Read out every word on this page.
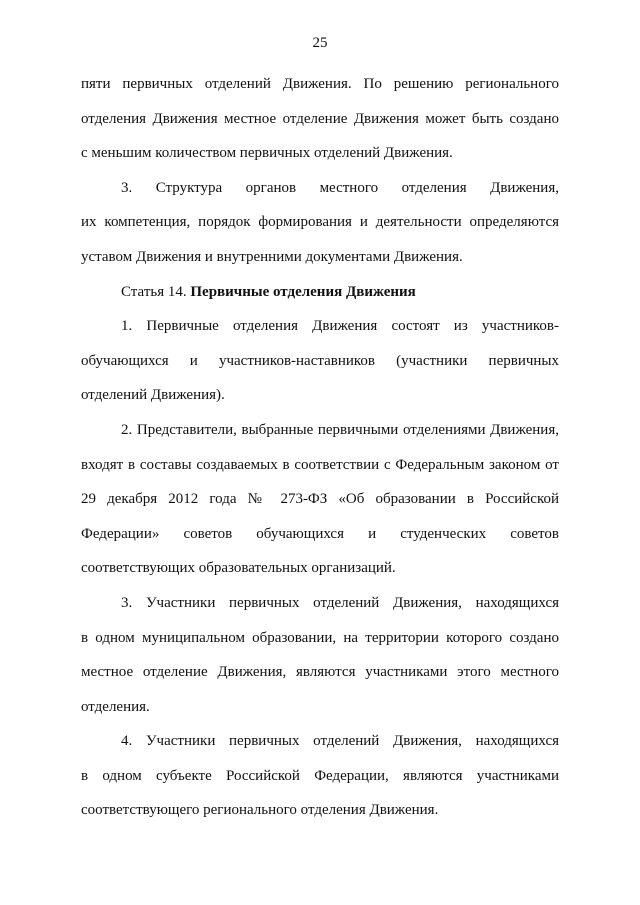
25
пяти первичных отделений Движения. По решению регионального
отделения Движения местное отделение Движения может быть создано
с меньшим количеством первичных отделений Движения.
3. Структура органов местного отделения Движения,
их компетенция, порядок формирования и деятельности определяются
уставом Движения и внутренними документами Движения.
Статья 14. Первичные отделения Движения
1. Первичные отделения Движения состоят из участников-
обучающихся и участников-наставников (участники первичных
отделений Движения).
2. Представители, выбранные первичными отделениями Движения,
входят в составы создаваемых в соответствии с Федеральным законом от
29 декабря 2012 года № 273-ФЗ «Об образовании в Российской
Федерации» советов обучающихся и студенческих советов
соответствующих образовательных организаций.
3. Участники первичных отделений Движения, находящихся
в одном муниципальном образовании, на территории которого создано
местное отделение Движения, являются участниками этого местного
отделения.
4. Участники первичных отделений Движения, находящихся
в одном субъекте Российской Федерации, являются участниками
соответствующего регионального отделения Движения.
